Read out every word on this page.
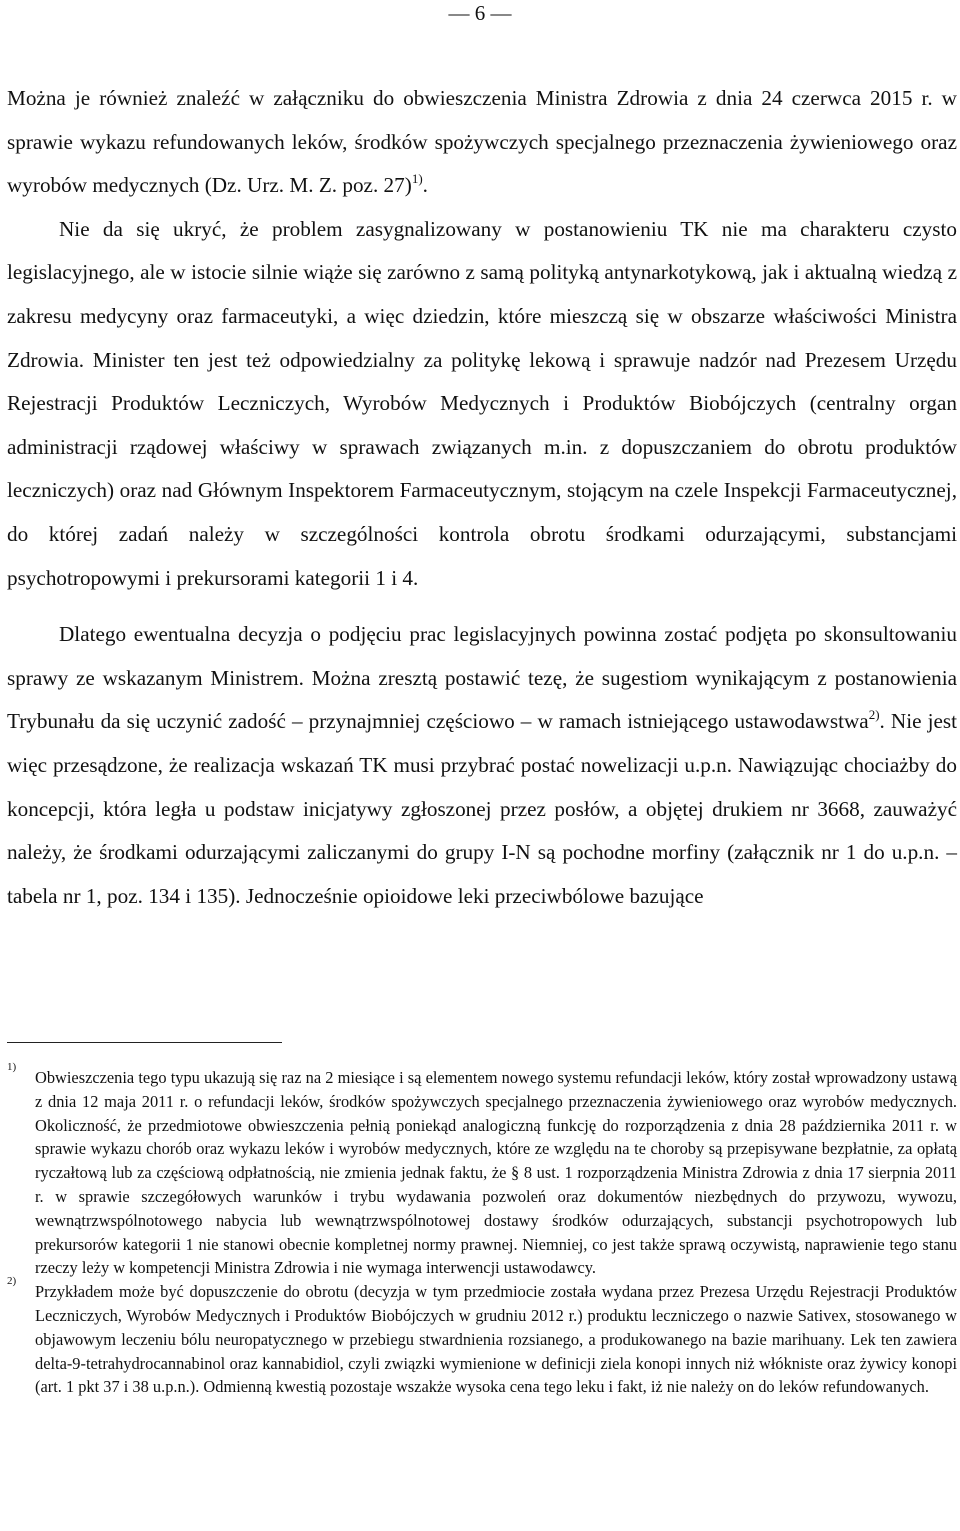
— 6 —

Można je również znaleźć w załączniku do obwieszczenia Ministra Zdrowia z dnia 24 czerwca 2015 r. w sprawie wykazu refundowanych leków, środków spożywczych specjalnego przeznaczenia żywieniowego oraz wyrobów medycznych (Dz. Urz. M. Z. poz. 27)$^{1)}$.

Nie da się ukryć, że problem zasygnalizowany w postanowieniu TK nie ma charakteru czysto legislacyjnego, ale w istocie silnie wiąże się zarówno z samą polityką antynarkotykową, jak i aktualną wiedzą z zakresu medycyny oraz farmaceutyki, a więc dziedzin, które mieszczą się w obszarze właściwości Ministra Zdrowia. Minister ten jest też odpowiedzialny za politykę lekową i sprawuje nadzór nad Prezesem Urzędu Rejestracji Produktów Leczniczych, Wyrobów Medycznych i Produktów Biobójczych (centralny organ administracji rządowej właściwy w sprawach związanych m.in. z dopuszczaniem do obrotu produktów leczniczych) oraz nad Głównym Inspektorem Farmaceutycznym, stojącym na czele Inspekcji Farmaceutycznej, do której zadań należy w szczególności kontrola obrotu środkami odurzającymi, substancjami psychotropowymi i prekursorami kategorii 1 i 4.

Dlatego ewentualna decyzja o podjęciu prac legislacyjnych powinna zostać podjęta po skonsultowaniu sprawy ze wskazanym Ministrem. Można zresztą postawić tezę, że sugestiom wynikającym z postanowienia Trybunału da się uczynić zadość – przynajmniej częściowo – w ramach istniejącego ustawodawstwa$^{2)}$. Nie jest więc przesądzone, że realizacja wskazań TK musi przybrać postać nowelizacji u.p.n. Nawiązując chociażby do koncepcji, która legła u podstaw inicjatywy zgłoszonej przez posłów, a objętej drukiem nr 3668, zauważyć należy, że środkami odurzającymi zaliczanymi do grupy I-N są pochodne morfiny (załącznik nr 1 do u.p.n. – tabela nr 1, poz. 134 i 135). Jednocześnie opioidowe leki przeciwbólowe bazujące

1)
Obwieszczenia tego typu ukazują się raz na 2 miesiące i są elementem nowego systemu refundacji leków, który został wprowadzony ustawą z dnia 12 maja 2011 r. o refundacji leków, środków spożywczych specjalnego przeznaczenia żywieniowego oraz wyrobów medycznych. Okoliczność, że przedmiotowe obwieszczenia pełnią poniekąd analogiczną funkcję do rozporządzenia z dnia 28 października 2011 r. w sprawie wykazu chorób oraz wykazu leków i wyrobów medycznych, które ze względu na te choroby są przepisywane bezpłatnie, za opłatą ryczałtową lub za częściową odpłatnością, nie zmienia jednak faktu, że § 8 ust. 1 rozporządzenia Ministra Zdrowia z dnia 17 sierpnia 2011 r. w sprawie szczegółowych warunków i trybu wydawania pozwoleń oraz dokumentów niezbędnych do przywozu, wywozu, wewnątrzwspólnotowego nabycia lub wewnątrzwspólnotowej dostawy środków odurzających, substancji psychotropowych lub prekursorów kategorii 1 nie stanowi obecnie kompletnej normy prawnej. Niemniej, co jest także sprawą oczywistą, naprawienie tego stanu rzeczy leży w kompetencji Ministra Zdrowia i nie wymaga interwencji ustawodawcy.
2)
Przykładem może być dopuszczenie do obrotu (decyzja w tym przedmiocie została wydana przez Prezesa Urzędu Rejestracji Produktów Leczniczych, Wyrobów Medycznych i Produktów Biobójczych w grudniu 2012 r.) produktu leczniczego o nazwie Sativex, stosowanego w objawowym leczeniu bólu neuropatycznego w przebiegu stwardnienia rozsianego, a produkowanego na bazie marihuany. Lek ten zawiera delta-9-tetrahydrocannabinol oraz kannabidiol, czyli związki wymienione w definicji ziela konopi innych niż włókniste oraz żywicy konopi (art. 1 pkt 37 i 38 u.p.n.). Odmienną kwestią pozostaje wszakże wysoka cena tego leku i fakt, iż nie należy on do leków refundowanych.
